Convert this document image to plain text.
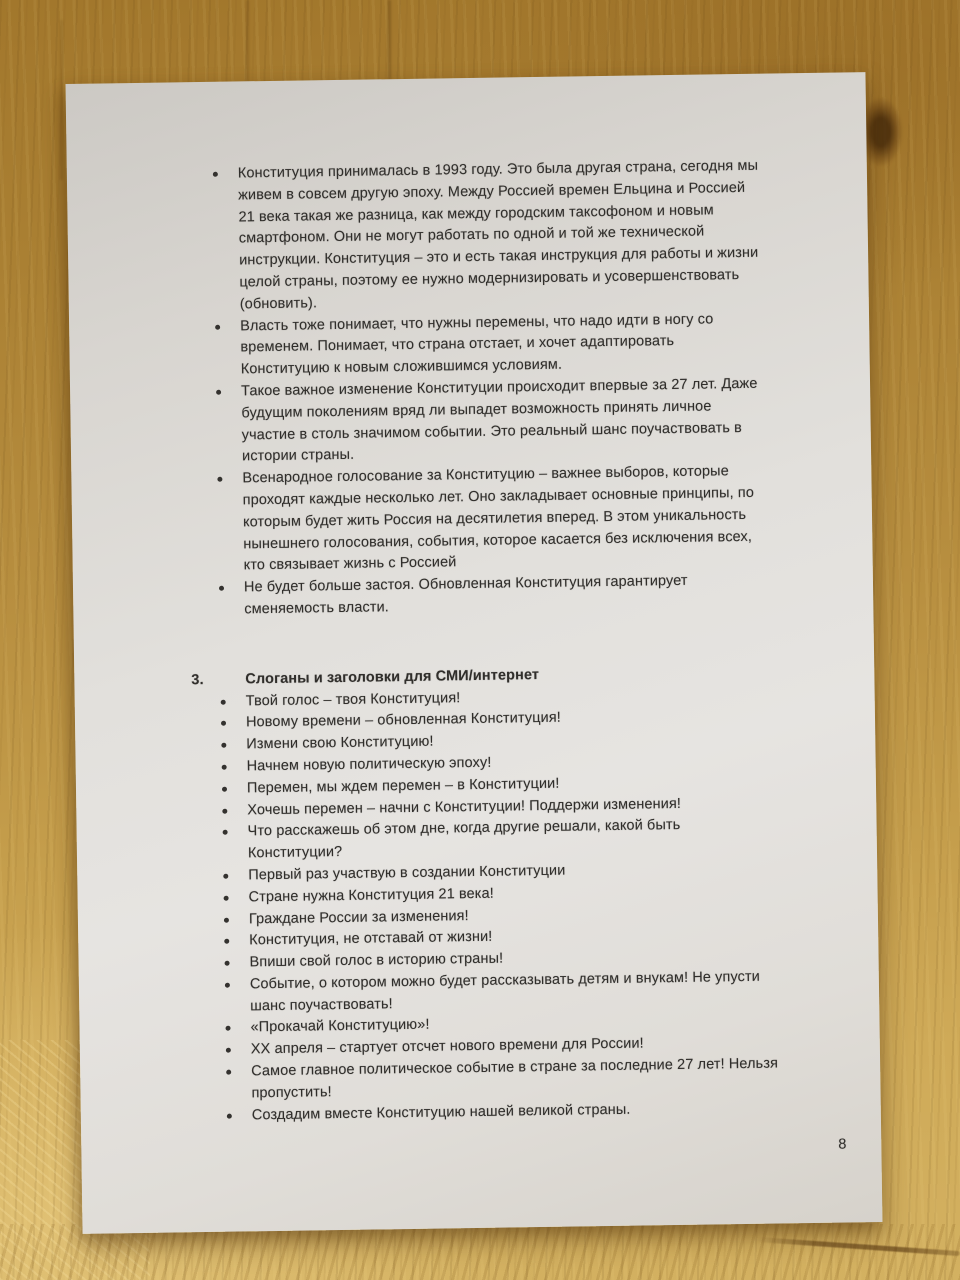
Конституция принималась в 1993 году. Это была другая страна, сегодня мы
живем в совсем другую эпоху. Между Россией времен Ельцина и Россией
21 века такая же разница, как между городским таксофоном и новым
смартфоном. Они не могут работать по одной и той же технической
инструкции. Конституция – это и есть такая инструкция для работы и жизни
целой страны, поэтому ее нужно модернизировать и усовершенствовать
(обновить).
Власть тоже понимает, что нужны перемены, что надо идти в ногу со
временем. Понимает, что страна отстает, и хочет адаптировать
Конституцию к новым сложившимся условиям.
Такое важное изменение Конституции происходит впервые за 27 лет. Даже
будущим поколениям вряд ли выпадет возможность принять личное
участие в столь значимом событии. Это реальный шанс поучаствовать в
истории страны.
Всенародное голосование за Конституцию – важнее выборов, которые
проходят каждые несколько лет. Оно закладывает основные принципы, по
которым будет жить Россия на десятилетия вперед. В этом уникальность
нынешнего голосования, события, которое касается без исключения всех,
кто связывает жизнь с Россией
Не будет больше застоя. Обновленная Конституция гарантирует
сменяемость власти.
3.	Слоганы и заголовки для СМИ/интернет
Твой голос – твоя Конституция!
Новому времени – обновленная Конституция!
Измени свою Конституцию!
Начнем новую политическую эпоху!
Перемен, мы ждем перемен – в Конституции!
Хочешь перемен – начни с Конституции! Поддержи изменения!
Что расскажешь об этом дне, когда другие решали, какой быть
Конституции?
Первый раз участвую в создании Конституции
Стране нужна Конституция 21 века!
Граждане России за изменения!
Конституция, не отставай от жизни!
Впиши свой голос в историю страны!
Событие, о котором можно будет рассказывать детям и внукам! Не упусти
шанс поучаствовать!
«Прокачай Конституцию»!
ХХ апреля – стартует отсчет нового времени для России!
Самое главное политическое событие в стране за последние 27 лет! Нельзя
пропустить!
Создадим вместе Конституцию нашей великой страны.
8
